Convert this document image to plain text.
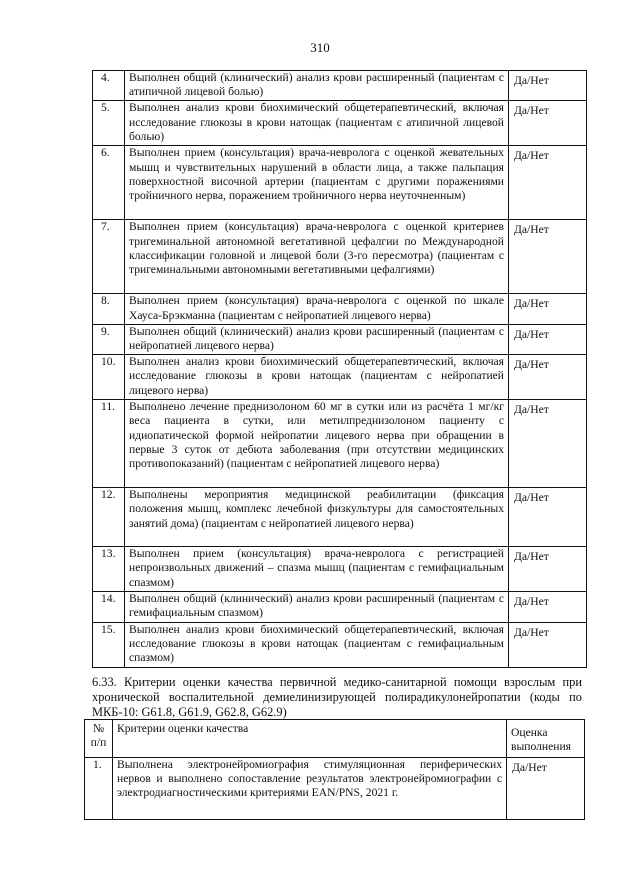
310
4.	Выполнен общий (клинический) анализ крови расширенный (пациентам с атипичной лицевой болью)	Да/Нет
5.	Выполнен анализ крови биохимический общетерапевтический, включая исследование глюкозы в крови натощак (пациентам с атипичной лицевой болью)	Да/Нет
6.	Выполнен прием (консультация) врача-невролога с оценкой жевательных мышц и чувствительных нарушений в области лица, а также пальпация поверхностной височной артерии (пациентам с другими поражениями тройничного нерва, поражением тройничного нерва неуточненным)	Да/Нет
7.	Выполнен прием (консультация) врача-невролога с оценкой критериев тригеминальной автономной вегетативной цефалгии по Международной классификации головной и лицевой боли (3-го пересмотра) (пациентам с тригеминальными автономными вегетативными цефалгиями)	Да/Нет
8.	Выполнен прием (консультация) врача-невролога с оценкой по шкале Хауса-Брэкманна (пациентам с нейропатией лицевого нерва)	Да/Нет
9.	Выполнен общий (клинический) анализ крови расширенный (пациентам с нейропатией лицевого нерва)	Да/Нет
10.	Выполнен анализ крови биохимический общетерапевтический, включая исследование глюкозы в крови натощак (пациентам с нейропатией лицевого нерва)	Да/Нет
11.	Выполнено лечение преднизолоном 60 мг в сутки или из расчёта 1 мг/кг веса пациента в сутки, или метилпреднизолоном пациенту с идиопатической формой нейропатии лицевого нерва при обращении в первые 3 суток от дебюта заболевания (при отсутствии медицинских противопоказаний) (пациентам с нейропатией лицевого нерва)	Да/Нет
12.	Выполнены мероприятия медицинской реабилитации (фиксация положения мышц, комплекс лечебной физкультуры для самостоятельных занятий дома) (пациентам с нейропатией лицевого нерва)	Да/Нет
13.	Выполнен прием (консультация) врача-невролога с регистрацией непроизвольных движений – спазма мышц (пациентам с гемифациальным спазмом)	Да/Нет
14.	Выполнен общий (клинический) анализ крови расширенный (пациентам с гемифациальным спазмом)	Да/Нет
15.	Выполнен анализ крови биохимический общетерапевтический, включая исследование глюкозы в крови натощак (пациентам с гемифациальным спазмом)	Да/Нет
6.33. Критерии оценки качества первичной медико-санитарной помощи взрослым при хронической воспалительной демиелинизирующей полирадикулонейропатии (коды по МКБ-10: G61.8, G61.9, G62.8, G62.9)
№ п/п	Критерии оценки качества	Оценка выполнения
1.	Выполнена электронейромиография стимуляционная периферических нервов и выполнено сопоставление результатов электронейромиографии с электродиагностическими критериями EAN/PNS, 2021 г.	Да/Нет
